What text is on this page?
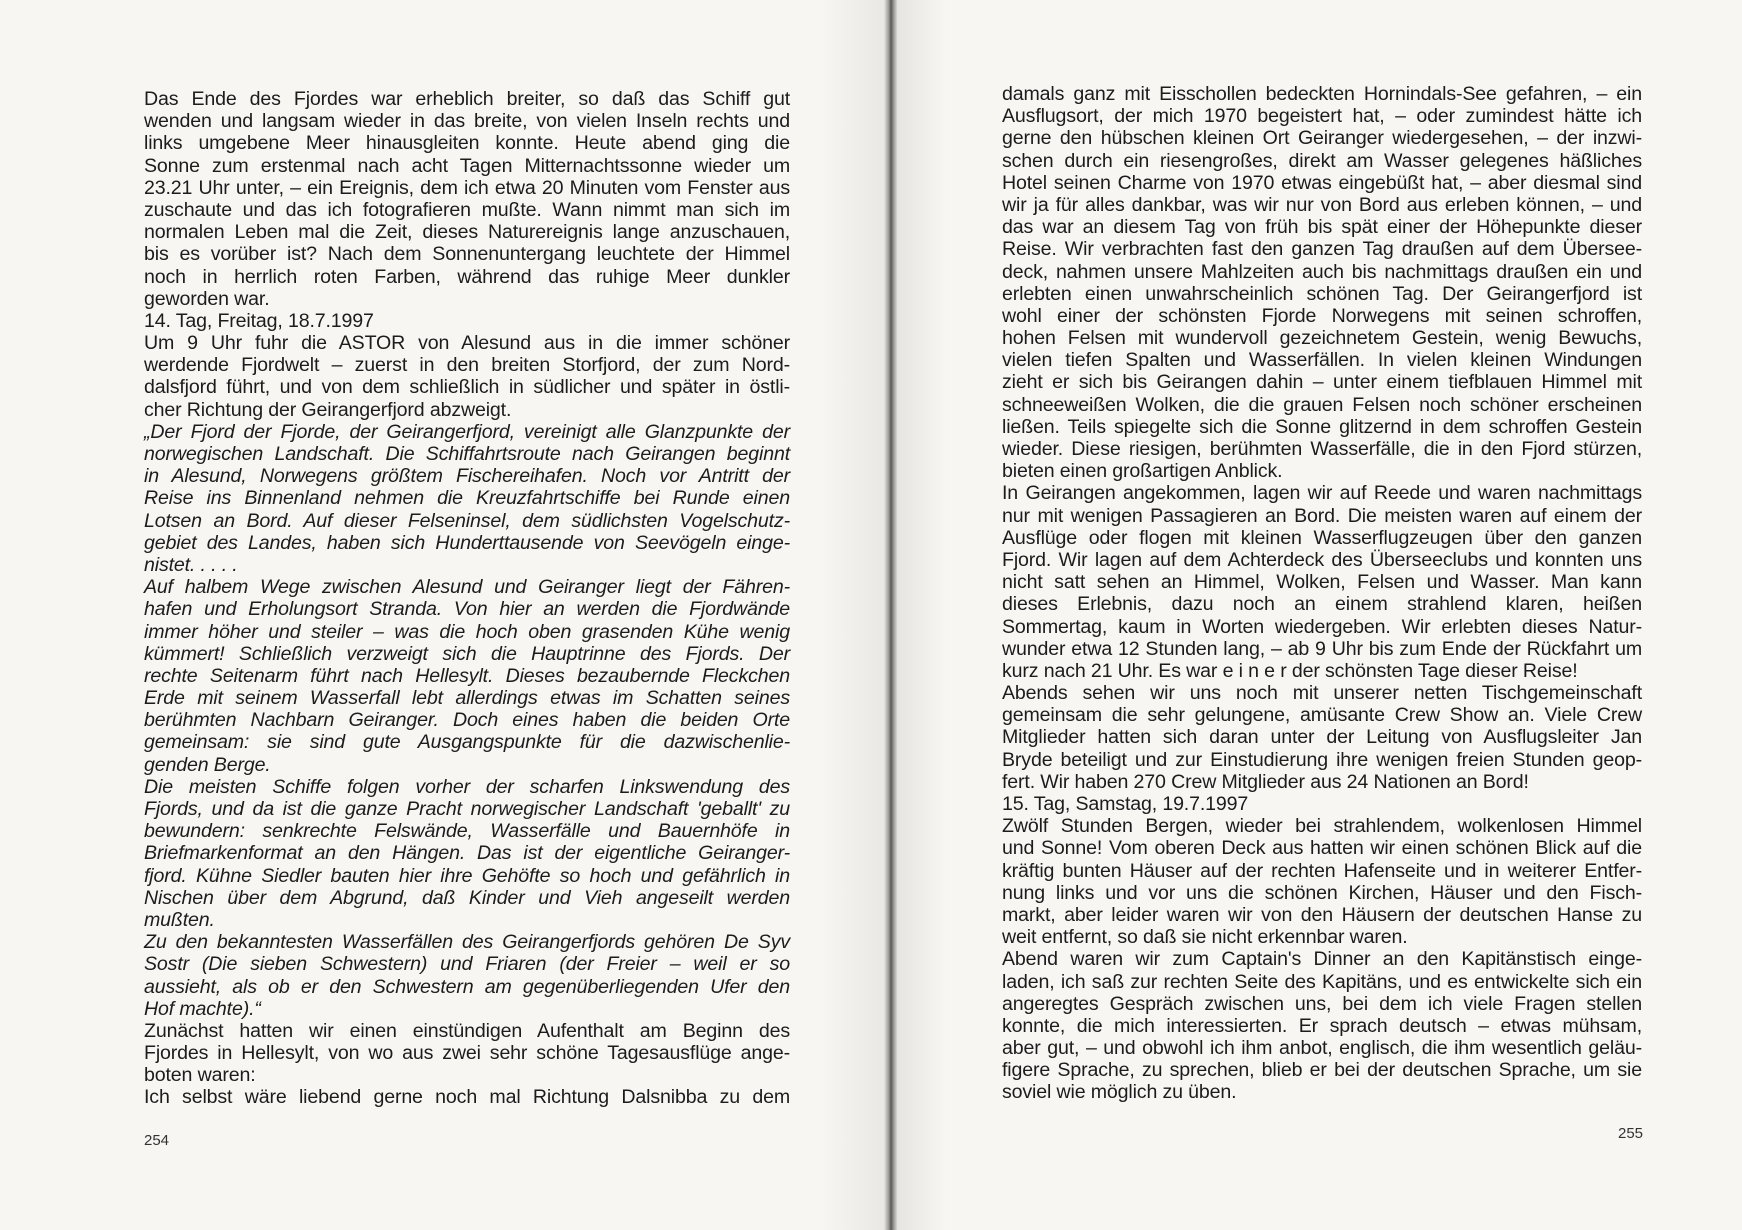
Das Ende des Fjordes war erheblich breiter, so daß das Schiff gut
wenden und langsam wieder in das breite, von vielen Inseln rechts und
links umgebene Meer hinausgleiten konnte. Heute abend ging die
Sonne zum erstenmal nach acht Tagen Mitternachtssonne wieder um
23.21 Uhr unter, – ein Ereignis, dem ich etwa 20 Minuten vom Fenster aus
zuschaute und das ich fotografieren mußte. Wann nimmt man sich im
normalen Leben mal die Zeit, dieses Naturereignis lange anzuschauen,
bis es vorüber ist? Nach dem Sonnenuntergang leuchtete der Himmel
noch in herrlich roten Farben, während das ruhige Meer dunkler
geworden war.
14. Tag, Freitag, 18.7.1997
Um 9 Uhr fuhr die ASTOR von Alesund aus in die immer schöner
werdende Fjordwelt – zuerst in den breiten Storfjord, der zum Nord-
dalsfjord führt, und von dem schließlich in südlicher und später in östli-
cher Richtung der Geirangerfjord abzweigt.
„Der Fjord der Fjorde, der Geirangerfjord, vereinigt alle Glanzpunkte der
norwegischen Landschaft. Die Schiffahrtsroute nach Geirangen beginnt
in Alesund, Norwegens größtem Fischereihafen. Noch vor Antritt der
Reise ins Binnenland nehmen die Kreuzfahrtschiffe bei Runde einen
Lotsen an Bord. Auf dieser Felseninsel, dem südlichsten Vogelschutz-
gebiet des Landes, haben sich Hunderttausende von Seevögeln einge-
nistet. . . . .
Auf halbem Wege zwischen Alesund und Geiranger liegt der Fähren-
hafen und Erholungsort Stranda. Von hier an werden die Fjordwände
immer höher und steiler – was die hoch oben grasenden Kühe wenig
kümmert! Schließlich verzweigt sich die Hauptrinne des Fjords. Der
rechte Seitenarm führt nach Hellesylt. Dieses bezaubernde Fleckchen
Erde mit seinem Wasserfall lebt allerdings etwas im Schatten seines
berühmten Nachbarn Geiranger. Doch eines haben die beiden Orte
gemeinsam: sie sind gute Ausgangspunkte für die dazwischenlie-
genden Berge.
Die meisten Schiffe folgen vorher der scharfen Linkswendung des
Fjords, und da ist die ganze Pracht norwegischer Landschaft 'geballt' zu
bewundern: senkrechte Felswände, Wasserfälle und Bauernhöfe in
Briefmarkenformat an den Hängen. Das ist der eigentliche Geiranger-
fjord. Kühne Siedler bauten hier ihre Gehöfte so hoch und gefährlich in
Nischen über dem Abgrund, daß Kinder und Vieh angeseilt werden
mußten.
Zu den bekanntesten Wasserfällen des Geirangerfjords gehören De Syv
Sostr (Die sieben Schwestern) und Friaren (der Freier – weil er so
aussieht, als ob er den Schwestern am gegenüberliegenden Ufer den
Hof machte).“
Zunächst hatten wir einen einstündigen Aufenthalt am Beginn des
Fjordes in Hellesylt, von wo aus zwei sehr schöne Tagesausflüge ange-
boten waren:
Ich selbst wäre liebend gerne noch mal Richtung Dalsnibba zu dem
254
damals ganz mit Eisschollen bedeckten Hornindals-See gefahren, – ein
Ausflugsort, der mich 1970 begeistert hat, – oder zumindest hätte ich
gerne den hübschen kleinen Ort Geiranger wiedergesehen, – der inzwi-
schen durch ein riesengroßes, direkt am Wasser gelegenes häßliches
Hotel seinen Charme von 1970 etwas eingebüßt hat, – aber diesmal sind
wir ja für alles dankbar, was wir nur von Bord aus erleben können, – und
das war an diesem Tag von früh bis spät einer der Höhepunkte dieser
Reise. Wir verbrachten fast den ganzen Tag draußen auf dem Übersee-
deck, nahmen unsere Mahlzeiten auch bis nachmittags draußen ein und
erlebten einen unwahrscheinlich schönen Tag. Der Geirangerfjord ist
wohl einer der schönsten Fjorde Norwegens mit seinen schroffen,
hohen Felsen mit wundervoll gezeichnetem Gestein, wenig Bewuchs,
vielen tiefen Spalten und Wasserfällen. In vielen kleinen Windungen
zieht er sich bis Geirangen dahin – unter einem tiefblauen Himmel mit
schneeweißen Wolken, die die grauen Felsen noch schöner erscheinen
ließen. Teils spiegelte sich die Sonne glitzernd in dem schroffen Gestein
wieder. Diese riesigen, berühmten Wasserfälle, die in den Fjord stürzen,
bieten einen großartigen Anblick.
In Geirangen angekommen, lagen wir auf Reede und waren nachmittags
nur mit wenigen Passagieren an Bord. Die meisten waren auf einem der
Ausflüge oder flogen mit kleinen Wasserflugzeugen über den ganzen
Fjord. Wir lagen auf dem Achterdeck des Überseeclubs und konnten uns
nicht satt sehen an Himmel, Wolken, Felsen und Wasser. Man kann
dieses Erlebnis, dazu noch an einem strahlend klaren, heißen
Sommertag, kaum in Worten wiedergeben. Wir erlebten dieses Natur-
wunder etwa 12 Stunden lang, – ab 9 Uhr bis zum Ende der Rückfahrt um
kurz nach 21 Uhr. Es war e i n e r der schönsten Tage dieser Reise!
Abends sehen wir uns noch mit unserer netten Tischgemeinschaft
gemeinsam die sehr gelungene, amüsante Crew Show an. Viele Crew
Mitglieder hatten sich daran unter der Leitung von Ausflugsleiter Jan
Bryde beteiligt und zur Einstudierung ihre wenigen freien Stunden geop-
fert. Wir haben 270 Crew Mitglieder aus 24 Nationen an Bord!
15. Tag, Samstag, 19.7.1997
Zwölf Stunden Bergen, wieder bei strahlendem, wolkenlosen Himmel
und Sonne! Vom oberen Deck aus hatten wir einen schönen Blick auf die
kräftig bunten Häuser auf der rechten Hafenseite und in weiterer Entfer-
nung links und vor uns die schönen Kirchen, Häuser und den Fisch-
markt, aber leider waren wir von den Häusern der deutschen Hanse zu
weit entfernt, so daß sie nicht erkennbar waren.
Abend waren wir zum Captain's Dinner an den Kapitänstisch einge-
laden, ich saß zur rechten Seite des Kapitäns, und es entwickelte sich ein
angeregtes Gespräch zwischen uns, bei dem ich viele Fragen stellen
konnte, die mich interessierten. Er sprach deutsch – etwas mühsam,
aber gut, – und obwohl ich ihm anbot, englisch, die ihm wesentlich geläu-
figere Sprache, zu sprechen, blieb er bei der deutschen Sprache, um sie
soviel wie möglich zu üben.
255
